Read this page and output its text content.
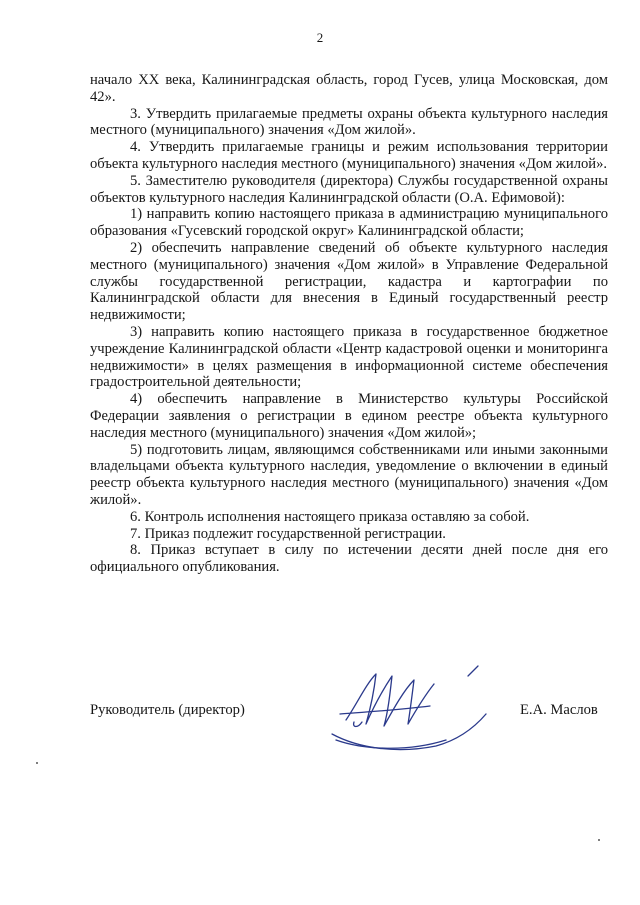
2

начало XX века, Калининградская область, город Гусев, улица Московская, дом 42».

3. Утвердить прилагаемые предметы охраны объекта культурного наследия местного (муниципального) значения «Дом жилой».

4. Утвердить прилагаемые границы и режим использования территории объекта культурного наследия местного (муниципального) значения «Дом жилой».

5. Заместителю руководителя (директора) Службы государственной охраны объектов культурного наследия Калининградской области (О.А. Ефимовой):

1) направить копию настоящего приказа в администрацию муниципального образования «Гусевский городской округ» Калининградской области;

2) обеспечить направление сведений об объекте культурного наследия местного (муниципального) значения «Дом жилой» в Управление Федеральной службы государственной регистрации, кадастра и картографии по Калининградской области для внесения в Единый государственный реестр недвижимости;

3) направить копию настоящего приказа в государственное бюджетное учреждение Калининградской области «Центр кадастровой оценки и мониторинга недвижимости» в целях размещения в информационной системе обеспечения градостроительной деятельности;

4) обеспечить направление в Министерство культуры Российской Федерации заявления о регистрации в едином реестре объекта культурного наследия местного (муниципального) значения «Дом жилой»;

5) подготовить лицам, являющимся собственниками или иными законными владельцами объекта культурного наследия, уведомление о включении в единый реестр объекта культурного наследия местного (муниципального) значения «Дом жилой».

6. Контроль исполнения настоящего приказа оставляю за собой.

7. Приказ подлежит государственной регистрации.

8. Приказ вступает в силу по истечении десяти дней после дня его официального опубликования.

Руководитель (директор)	Е.А. Маслов
